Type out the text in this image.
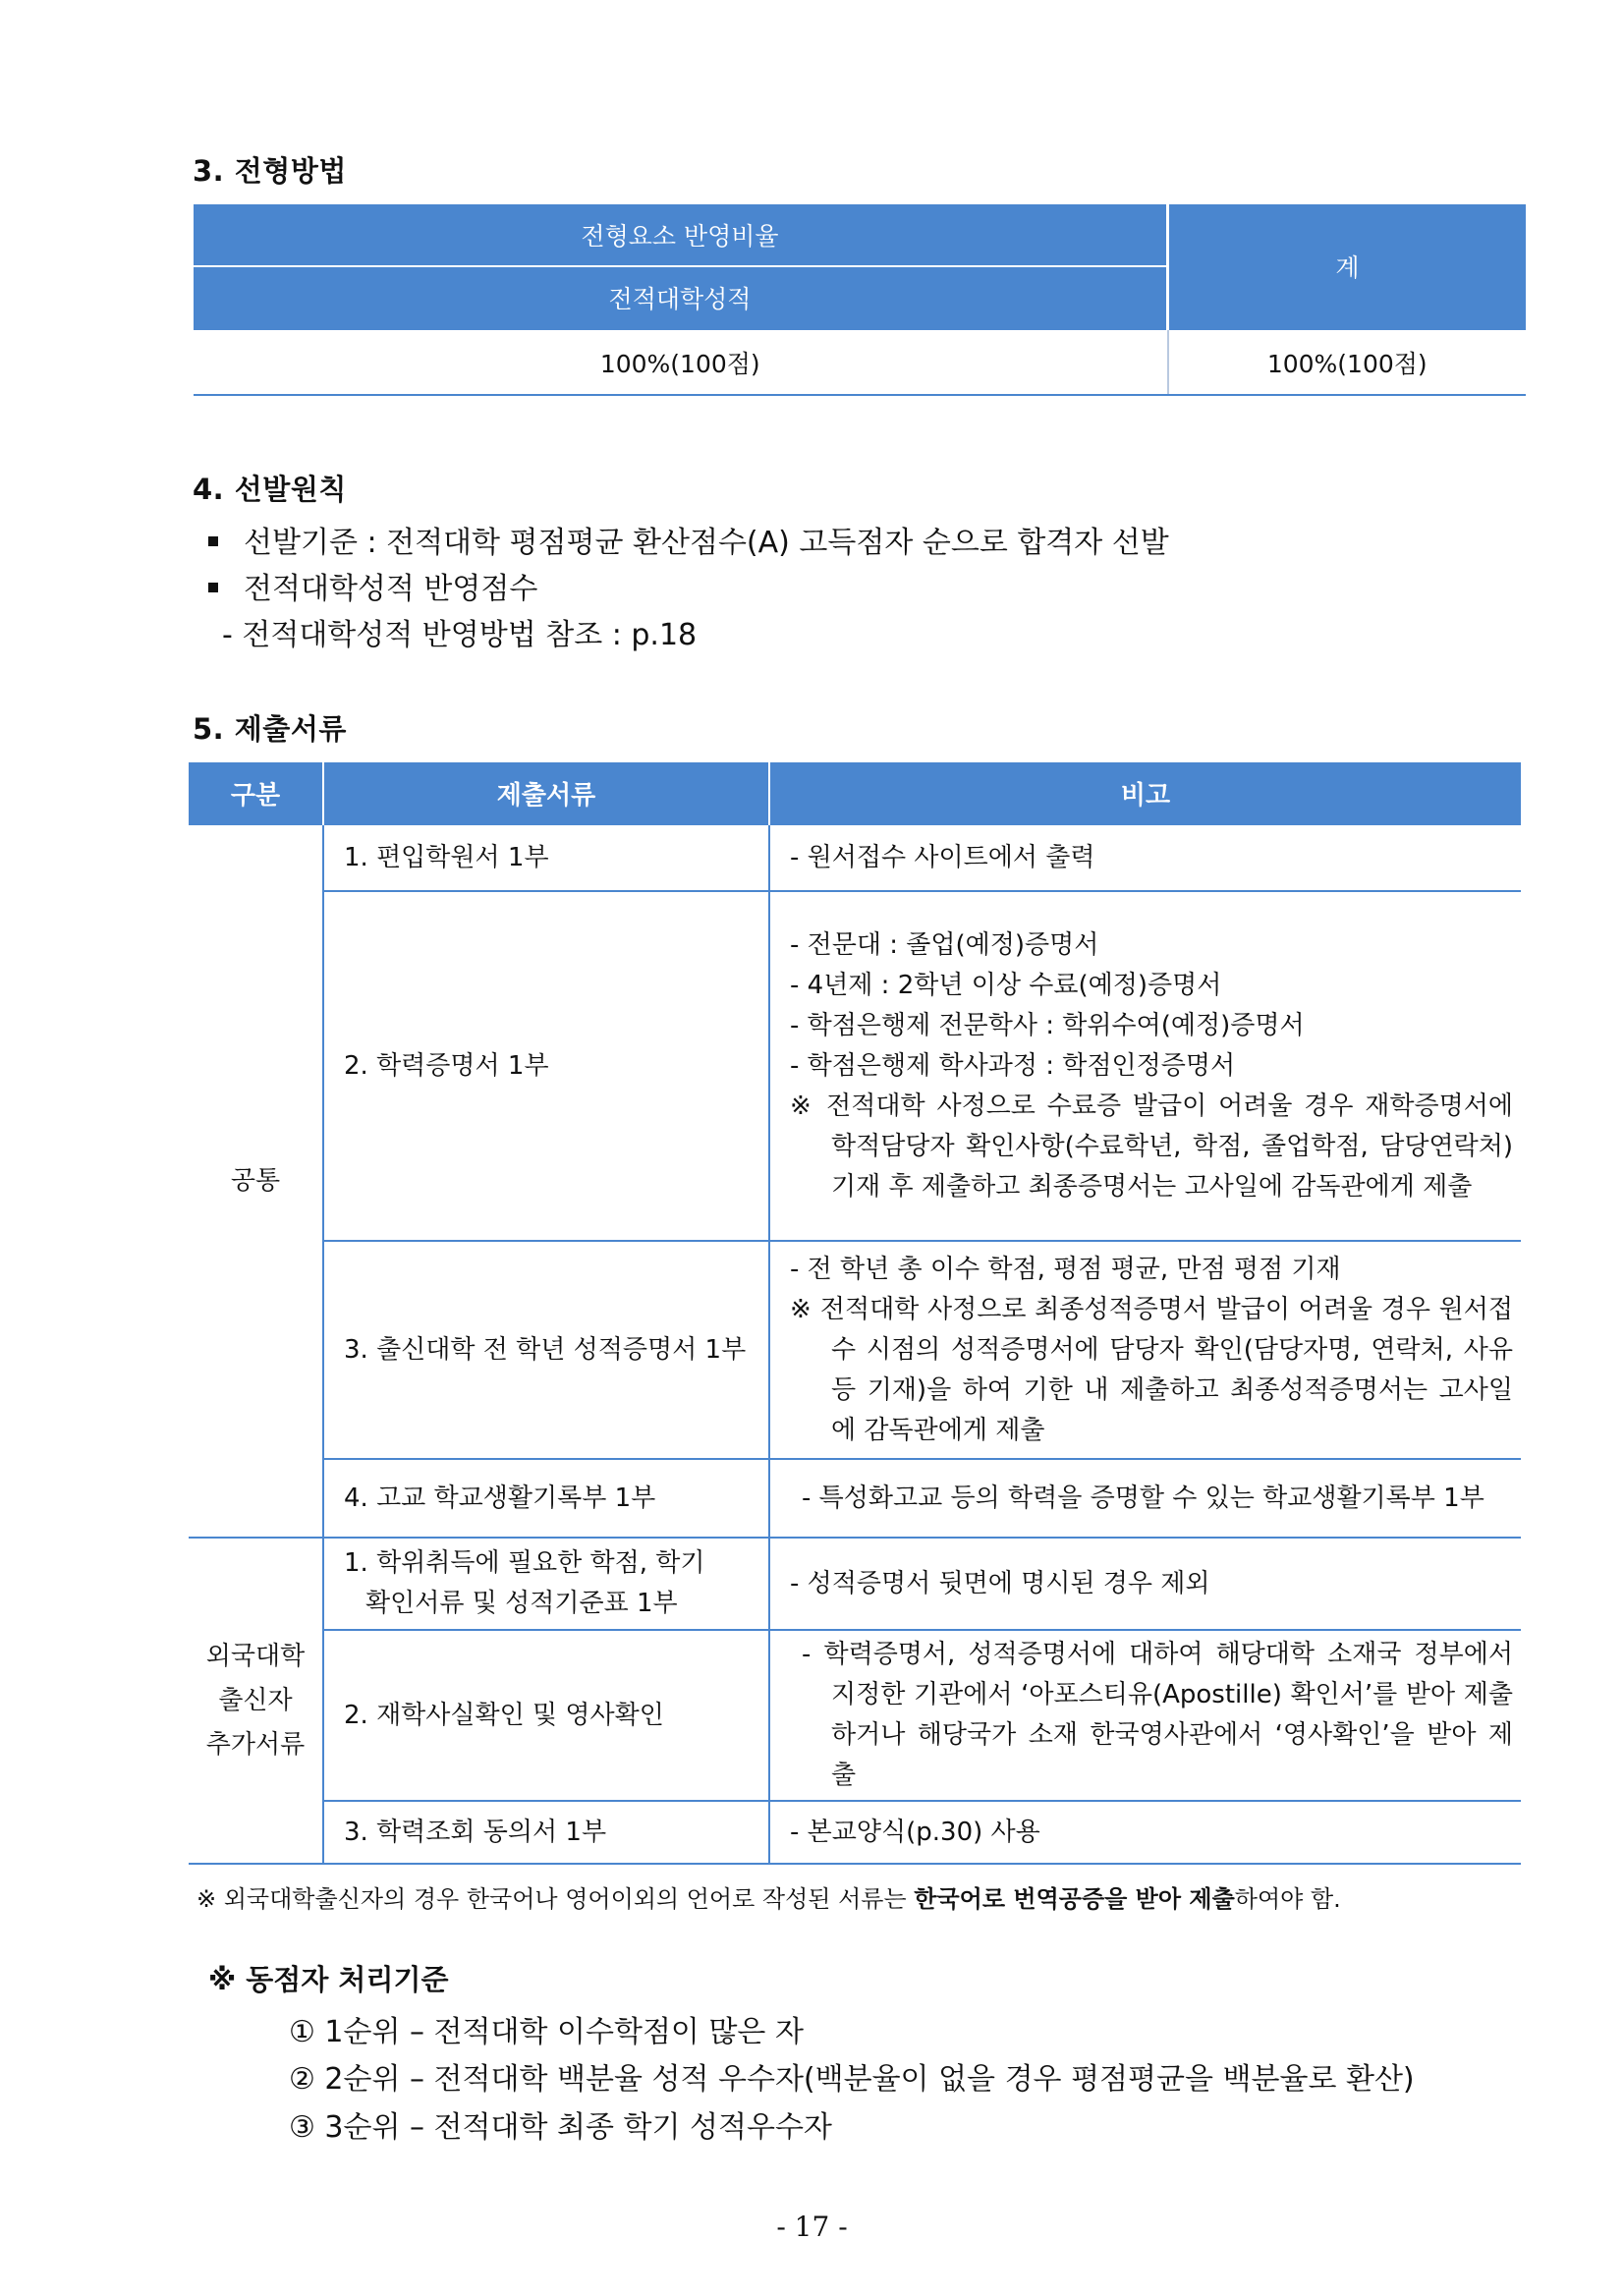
3. 전형방법
전형요소 반영비율	계
전적대학성적	
100%(100점)	100%(100점)
4. 선발원칙
선발기준 : 전적대학 평점평균 환산점수(A) 고득점자 순으로 합격자 선발
전적대학성적 반영점수
- 전적대학성적 반영방법 참조 : p.18
5. 제출서류
구분	제출서류	비고
공통	1. 편입학원서 1부	- 원서접수 사이트에서 출력

	2. 학력증명서 1부	- 전문대 : 졸업(예정)증명서
- 4년제 : 2학년 이상 수료(예정)증명서
- 학점은행제 전문학사 : 학위수여(예정)증명서
- 학점은행제 학사과정 : 학점인정증명서
※ 전적대학 사정으로 수료증 발급이 어려울 경우 재학증명서에 학적담당자 확인사항(수료학년, 학점, 졸업학점, 담당연락처) 기재 후 제출하고 최종증명서는 고사일에 감독관에게 제출

	3. 출신대학 전 학년 성적증명서 1부	- 전 학년 총 이수 학점, 평점 평균, 만점 평점 기재
※ 전적대학 사정으로 최종성적증명서 발급이 어려울 경우 원서접수 시점의 성적증명서에 담당자 확인(담당자명, 연락처, 사유 등 기재)을 하여 기한 내 제출하고 최종성적증명서는 고사일에 감독관에게 제출

	4. 고교 학교생활기록부 1부	- 특성화고교 등의 학력을 증명할 수 있는 학교생활기록부 1부

외국대학
출신자
추가서류	1. 학위취득에 필요한 학점, 학기
확인서류 및 성적기준표 1부	- 성적증명서 뒷면에 명시된 경우 제외

	2. 재학사실확인 및 영사확인	- 학력증명서, 성적증명서에 대하여 해당대학 소재국 정부에서 지정한 기관에서 ‘아포스티유(Apostille) 확인서’를 받아 제출하거나 해당국가 소재 한국영사관에서 ‘영사확인’을 받아 제출

	3. 학력조회 동의서 1부	- 본교양식(p.30) 사용
※ 외국대학출신자의 경우 한국어나 영어이외의 언어로 작성된 서류는 한국어로 번역공증을 받아 제출하여야 함.
※ 동점자 처리기준
① 1순위 – 전적대학 이수학점이 많은 자
② 2순위 – 전적대학 백분율 성적 우수자(백분율이 없을 경우 평점평균을 백분율로 환산)
③ 3순위 – 전적대학 최종 학기 성적우수자
- 17 -
